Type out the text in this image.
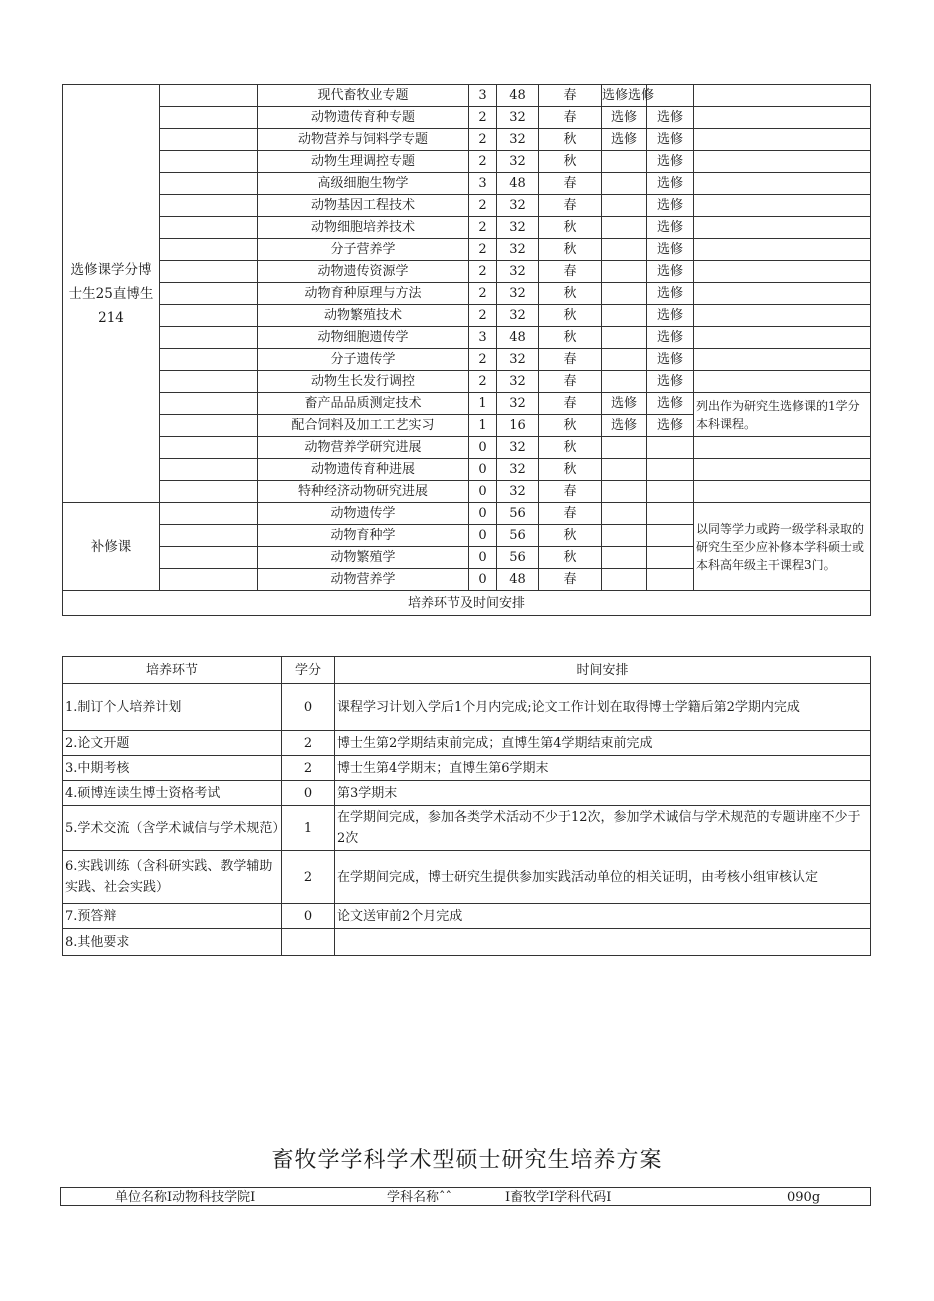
选修课学分博士生25直博生214		现代畜牧业专题	3	48	春	选修选修		
		动物遗传育种专题	2	32	春	选修	选修	
		动物营养与饲料学专题	2	32	秋	选修	选修	
		动物生理调控专题	2	32	秋		选修	
		高级细胞生物学	3	48	春		选修	
		动物基因工程技术	2	32	春		选修	
		动物细胞培养技术	2	32	秋		选修	
		分子营养学	2	32	秋		选修	
		动物遗传资源学	2	32	春		选修	
		动物育种原理与方法	2	32	秋		选修	
		动物繁殖技术	2	32	秋		选修	
		动物细胞遗传学	3	48	秋		选修	
		分子遗传学	2	32	春		选修	
		动物生长发行调控	2	32	春		选修	
		畜产品品质测定技术	1	32	春	选修	选修	列出作为研究生选修课的1学分本科课程。
		配合饲料及加工工艺实习	1	16	秋	选修	选修	
		动物营养学研究进展	0	32	秋			
		动物遗传育种进展	0	32	秋			
		特种经济动物研究进展	0	32	春			
补修课		动物遗传学	0	56	春			以同等学力或跨一级学科录取的研究生至少应补修本学科硕士或本科高年级主干课程3门。
		动物育种学	0	56	秋			
		动物繁殖学	0	56	秋			
		动物营养学	0	48	春			
培养环节及时间安排								
培养环节	学分	时间安排
1.制订个人培养计划	0	课程学习计划入学后1个月内完成;论文工作计划在取得博士学籍后第2学期内完成
2.论文开题	2	博士生第2学期结束前完成；直博生第4学期结束前完成
3.中期考核	2	博士生第4学期末；直博生第6学期末
4.硕博连读生博士资格考试	0	第3学期末
5.学术交流（含学术诚信与学术规范）	1	在学期间完成，参加各类学术活动不少于12次，参加学术诚信与学术规范的专题讲座不少于2次
6.实践训练（含科研实践、教学辅助实践、社会实践）	2	在学期间完成，博士研究生提供参加实践活动单位的相关证明，由考核小组审核认定
7.预答辩	0	论文送审前2个月完成
8.其他要求		
畜牧学学科学术型硕士研究生培养方案
单位名称I动物科技学院I	学科名称ˆˆ	I畜牧学I学科代码I	090g
